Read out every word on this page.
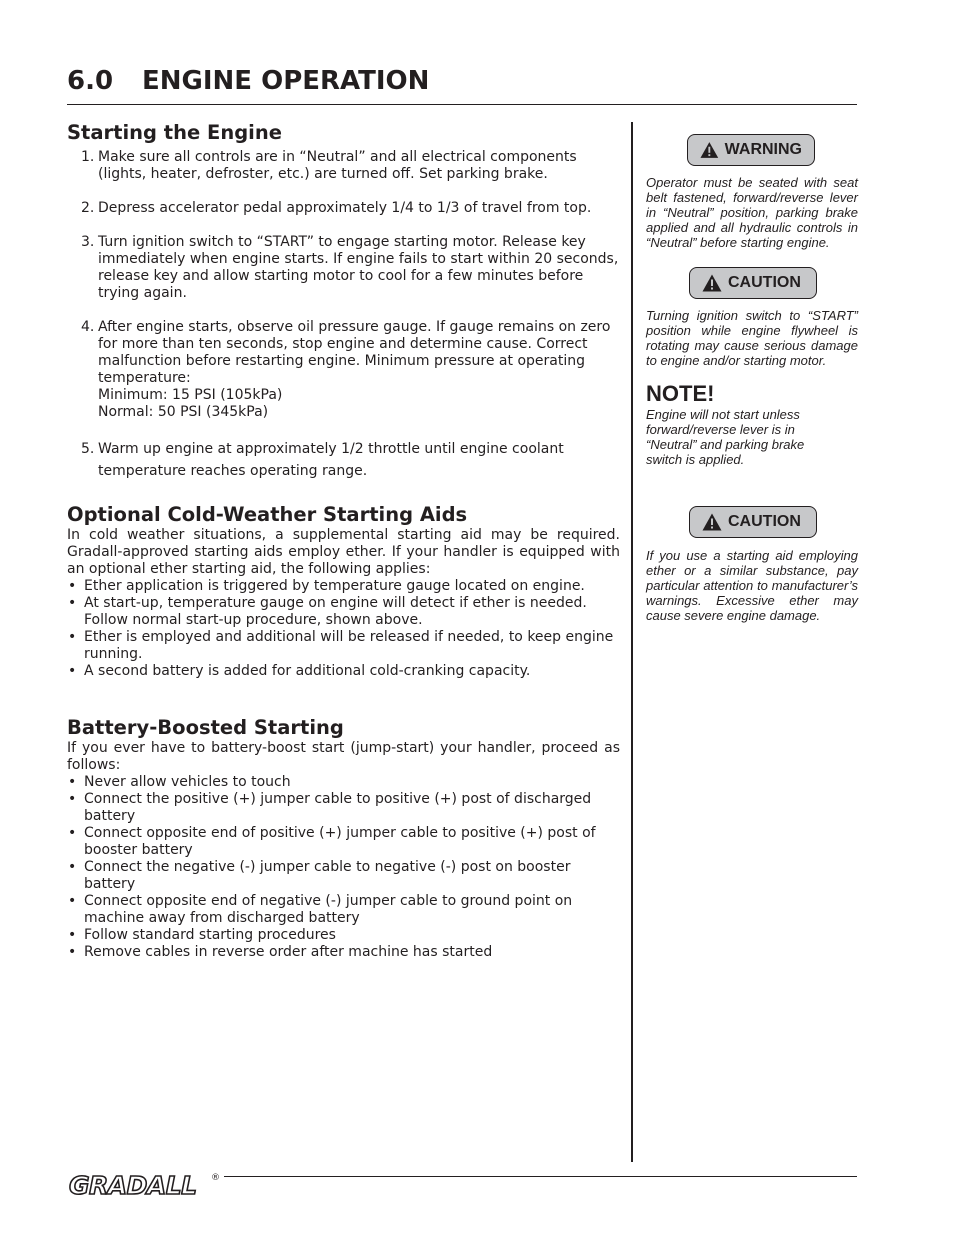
6.0 ENGINE OPERATION
Starting the Engine
1. Make sure all controls are in “Neutral” and all electrical components (lights, heater, defroster, etc.) are turned off. Set parking brake.
2. Depress accelerator pedal approximately 1/4 to 1/3 of travel from top.
3. Turn ignition switch to “START” to engage starting motor. Release key immediately when engine starts. If engine fails to start within 20 seconds, release key and allow starting motor to cool for a few minutes before trying again.
4. After engine starts, observe oil pressure gauge. If gauge remains on zero for more than ten seconds, stop engine and determine cause. Correct malfunction before restarting engine. Minimum pressure at operating
temperature:
Minimum: 15 PSI (105kPa)
Normal: 50 PSI (345kPa)
5. Warm up engine at approximately 1/2 throttle until engine coolant
temperature reaches operating range.
Optional Cold-Weather Starting Aids

In cold weather situations, a supplemental starting aid may be required. Gradall-approved starting aids employ ether. If your handler is equipped with an optional ether starting aid, the following applies:

• Ether application is triggered by temperature gauge located on engine.
• At start-up, temperature gauge on engine will detect if ether is needed. Follow normal start-up procedure, shown above.
• Ether is employed and additional will be released if needed, to keep engine running.
• A second battery is added for additional cold-cranking capacity.
Battery-Boosted Starting

If you ever have to battery-boost start (jump-start) your handler, proceed as follows:

• Never allow vehicles to touch
• Connect the positive (+) jumper cable to positive (+) post of discharged battery
• Connect opposite end of positive (+) jumper cable to positive (+) post of booster battery
• Connect the negative (-) jumper cable to negative (-) post on booster battery
• Connect opposite end of negative (-) jumper cable to ground point on machine away from discharged battery
• Follow standard starting procedures
• Remove cables in reverse order after machine has started
WARNING

Operator must be seated with seat belt fastened, forward/reverse lever in “Neutral” position, parking brake applied and all hydraulic controls in “Neutral” before starting engine.

CAUTION

Turning ignition switch to “START” position while engine flywheel is rotating may cause serious damage to engine and/or starting motor.

NOTE!

Engine will not start unless forward/reverse lever is in “Neutral” and parking brake switch is applied.

CAUTION

If you use a starting aid employing ether or a similar substance, pay particular attention to manufacturer’s warnings. Excessive ether may cause severe engine damage.

GRADALL ®
